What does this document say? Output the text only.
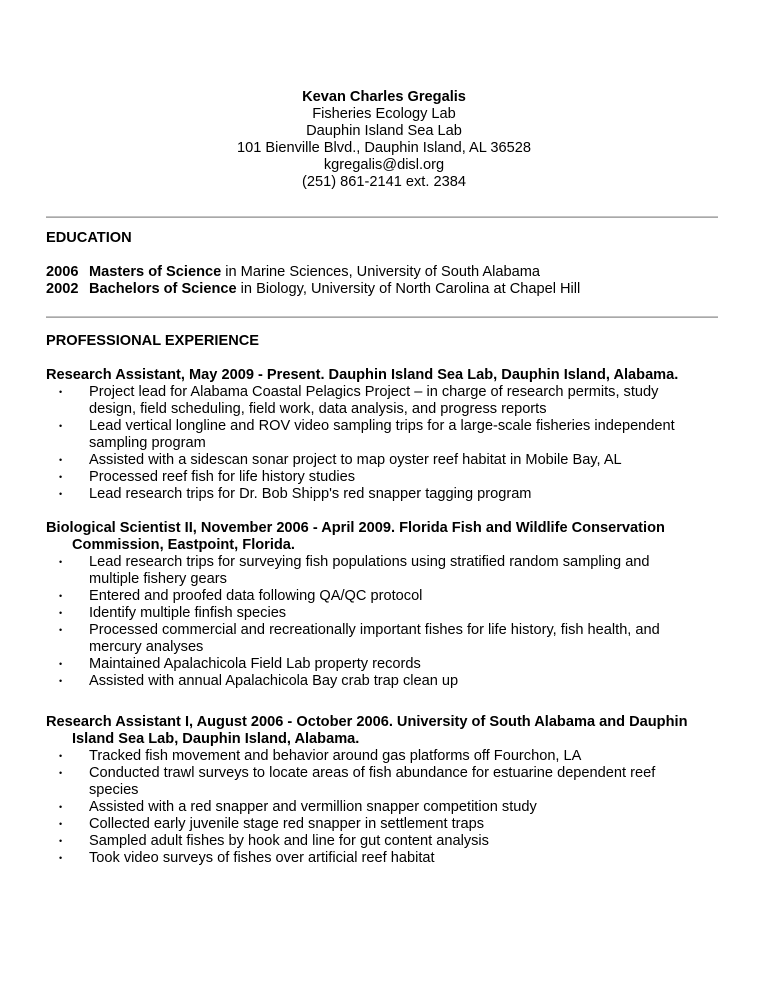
Kevan Charles Gregalis
Fisheries Ecology Lab
Dauphin Island Sea Lab
101 Bienville Blvd., Dauphin Island, AL 36528
kgregalis@disl.org
(251) 861-2141 ext. 2384
EDUCATION
2006 Masters of Science in Marine Sciences, University of South Alabama
2002 Bachelors of Science in Biology, University of North Carolina at Chapel Hill
PROFESSIONAL EXPERIENCE
Research Assistant, May 2009 - Present. Dauphin Island Sea Lab, Dauphin Island, Alabama.
• Project lead for Alabama Coastal Pelagics Project – in charge of research permits, study design, field scheduling, field work, data analysis, and progress reports
• Lead vertical longline and ROV video sampling trips for a large-scale fisheries independent sampling program
• Assisted with a sidescan sonar project to map oyster reef habitat in Mobile Bay, AL
• Processed reef fish for life history studies
• Lead research trips for Dr. Bob Shipp's red snapper tagging program
Biological Scientist II, November 2006 - April 2009. Florida Fish and Wildlife Conservation Commission, Eastpoint, Florida.
• Lead research trips for surveying fish populations using stratified random sampling and multiple fishery gears
• Entered and proofed data following QA/QC protocol
• Identify multiple finfish species
• Processed commercial and recreationally important fishes for life history, fish health, and mercury analyses
• Maintained Apalachicola Field Lab property records
• Assisted with annual Apalachicola Bay crab trap clean up
Research Assistant I, August 2006 - October 2006. University of South Alabama and Dauphin Island Sea Lab, Dauphin Island, Alabama.
• Tracked fish movement and behavior around gas platforms off Fourchon, LA
• Conducted trawl surveys to locate areas of fish abundance for estuarine dependent reef species
• Assisted with a red snapper and vermillion snapper competition study
• Collected early juvenile stage red snapper in settlement traps
• Sampled adult fishes by hook and line for gut content analysis
• Took video surveys of fishes over artificial reef habitat
